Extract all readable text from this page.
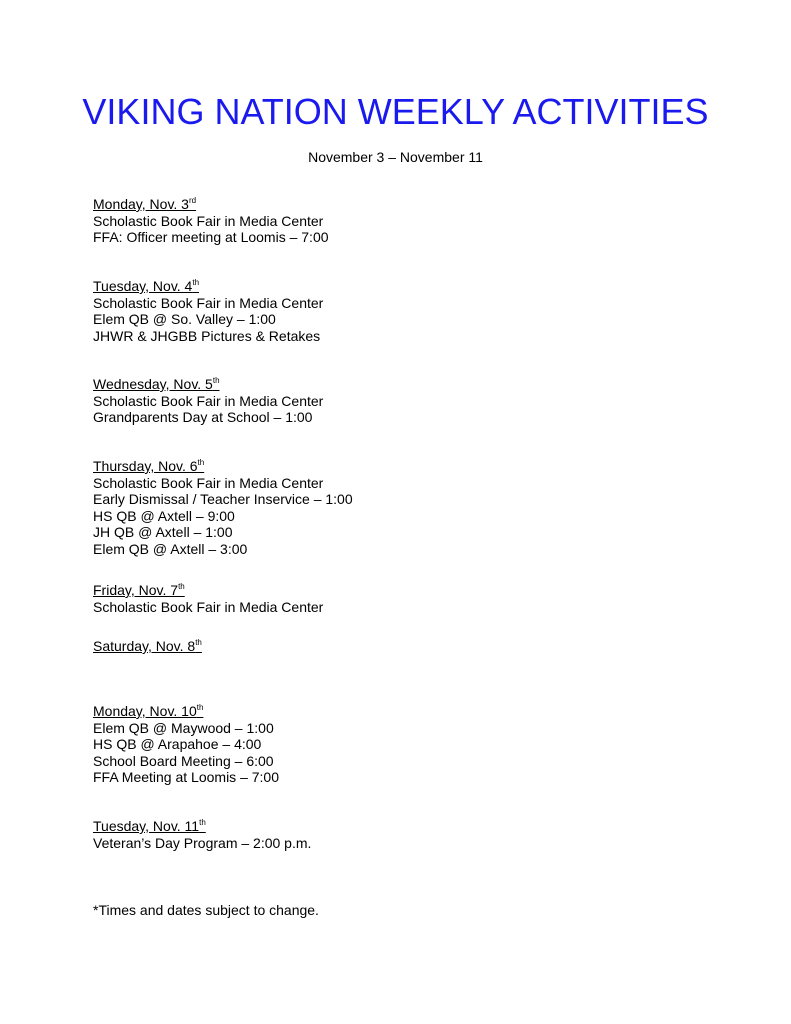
VIKING NATION WEEKLY ACTIVITIES
November 3 – November 11
Monday, Nov. 3rd
Scholastic Book Fair in Media Center
FFA: Officer meeting at Loomis – 7:00
Tuesday, Nov. 4th
Scholastic Book Fair in Media Center
Elem QB @ So. Valley – 1:00
JHWR & JHGBB Pictures & Retakes
Wednesday, Nov. 5th
Scholastic Book Fair in Media Center
Grandparents Day at School – 1:00
Thursday, Nov. 6th
Scholastic Book Fair in Media Center
Early Dismissal / Teacher Inservice – 1:00
HS QB @ Axtell – 9:00
JH QB @ Axtell – 1:00
Elem QB @ Axtell – 3:00
Friday, Nov. 7th
Scholastic Book Fair in Media Center
Saturday, Nov. 8th
Monday, Nov. 10th
Elem QB @ Maywood – 1:00
HS QB @ Arapahoe – 4:00
School Board Meeting – 6:00
FFA Meeting at Loomis – 7:00
Tuesday, Nov. 11th
Veteran’s Day Program – 2:00 p.m.
*Times and dates subject to change.
